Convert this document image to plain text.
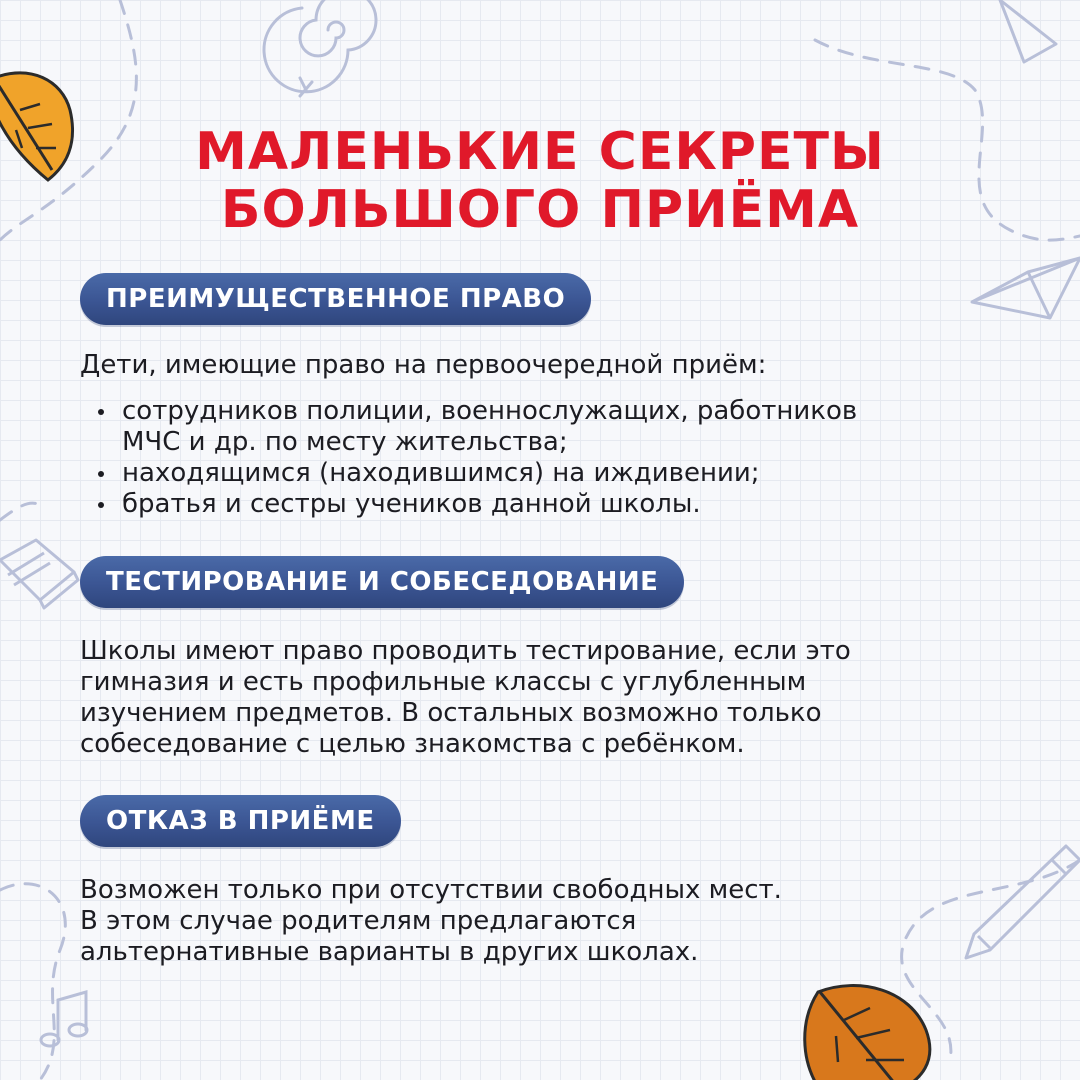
МАЛЕНЬКИЕ СЕКРЕТЫ
БОЛЬШОГО ПРИЁМА
ПРЕИМУЩЕСТВЕННОЕ ПРАВО

Дети, имеющие право на первоочередной приём:

сотрудников полиции, военнослужащих, работников
МЧС и др. по месту жительства;
находящимся (находившимся) на иждивении;
братья и сестры учеников данной школы.
ТЕСТИРОВАНИЕ И СОБЕСЕДОВАНИЕ

Школы имеют право проводить тестирование, если это
гимназия и есть профильные классы с углубленным
изучением предметов. В остальных возможно только
собеседование с целью знакомства с ребёнком.

ОТКАЗ В ПРИЁМЕ

Возможен только при отсутствии свободных мест.
В этом случае родителям предлагаются
альтернативные варианты в других школах.
